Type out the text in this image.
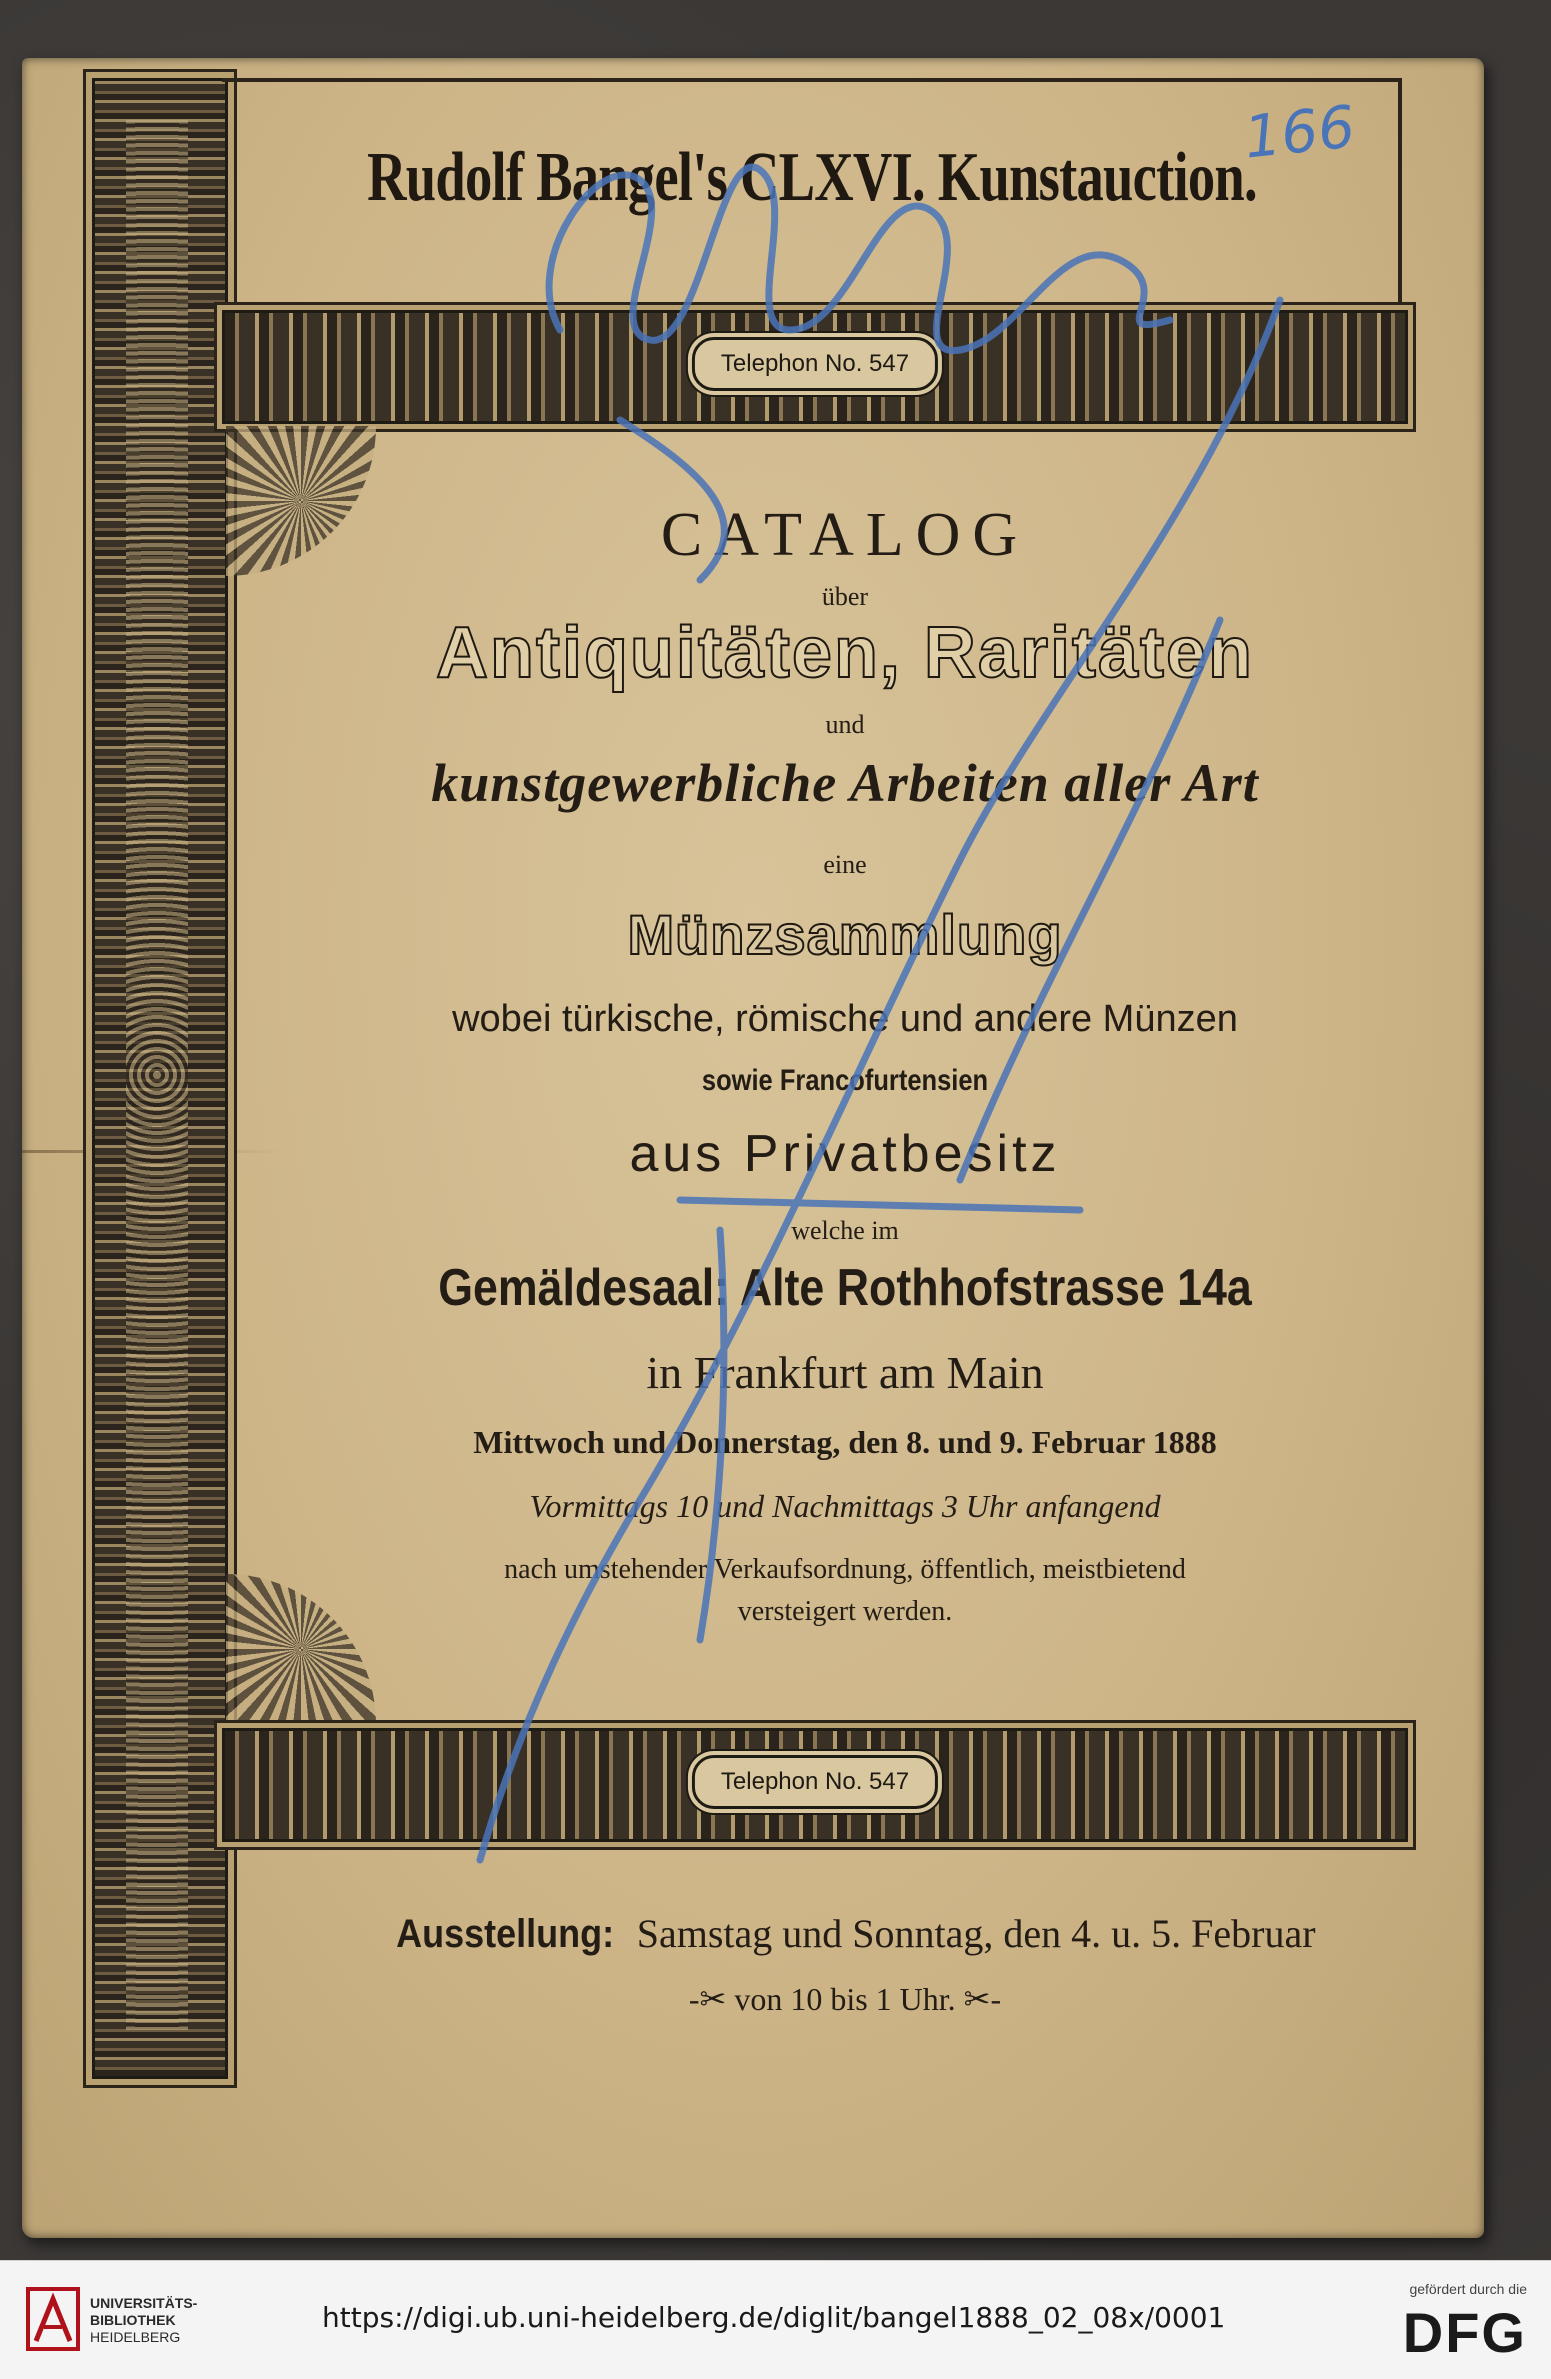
Rudolf Bangel's CLXVI. Kunstauction.
Telephon No. 547
CATALOG
über
Antiquitäten, Raritäten
und
kunstgewerbliche Arbeiten aller Art
eine
Münzsammlung
wobei türkische, römische und andere Münzen
sowie Francofurtensien
aus Privatbesitz
welche im
Gemäldesaal: Alte Rothhofstrasse 14a
in Frankfurt am Main
Mittwoch und Donnerstag, den 8. und 9. Februar 1888
Vormittags 10 und Nachmittags 3 Uhr anfangend
nach umstehender Verkaufsordnung, öffentlich, meistbietend
versteigert werden.
Telephon No. 547
Ausstellung: Samstag und Sonntag, den 4. u. 5. Februar
-✂ von 10 bis 1 Uhr. ✂-
166
UNIVERSITÄTS-
BIBLIOTHEK
HEIDELBERG
https://digi.ub.uni-heidelberg.de/diglit/bangel1888_02_08x/0001
gefördert durch die
DFG
